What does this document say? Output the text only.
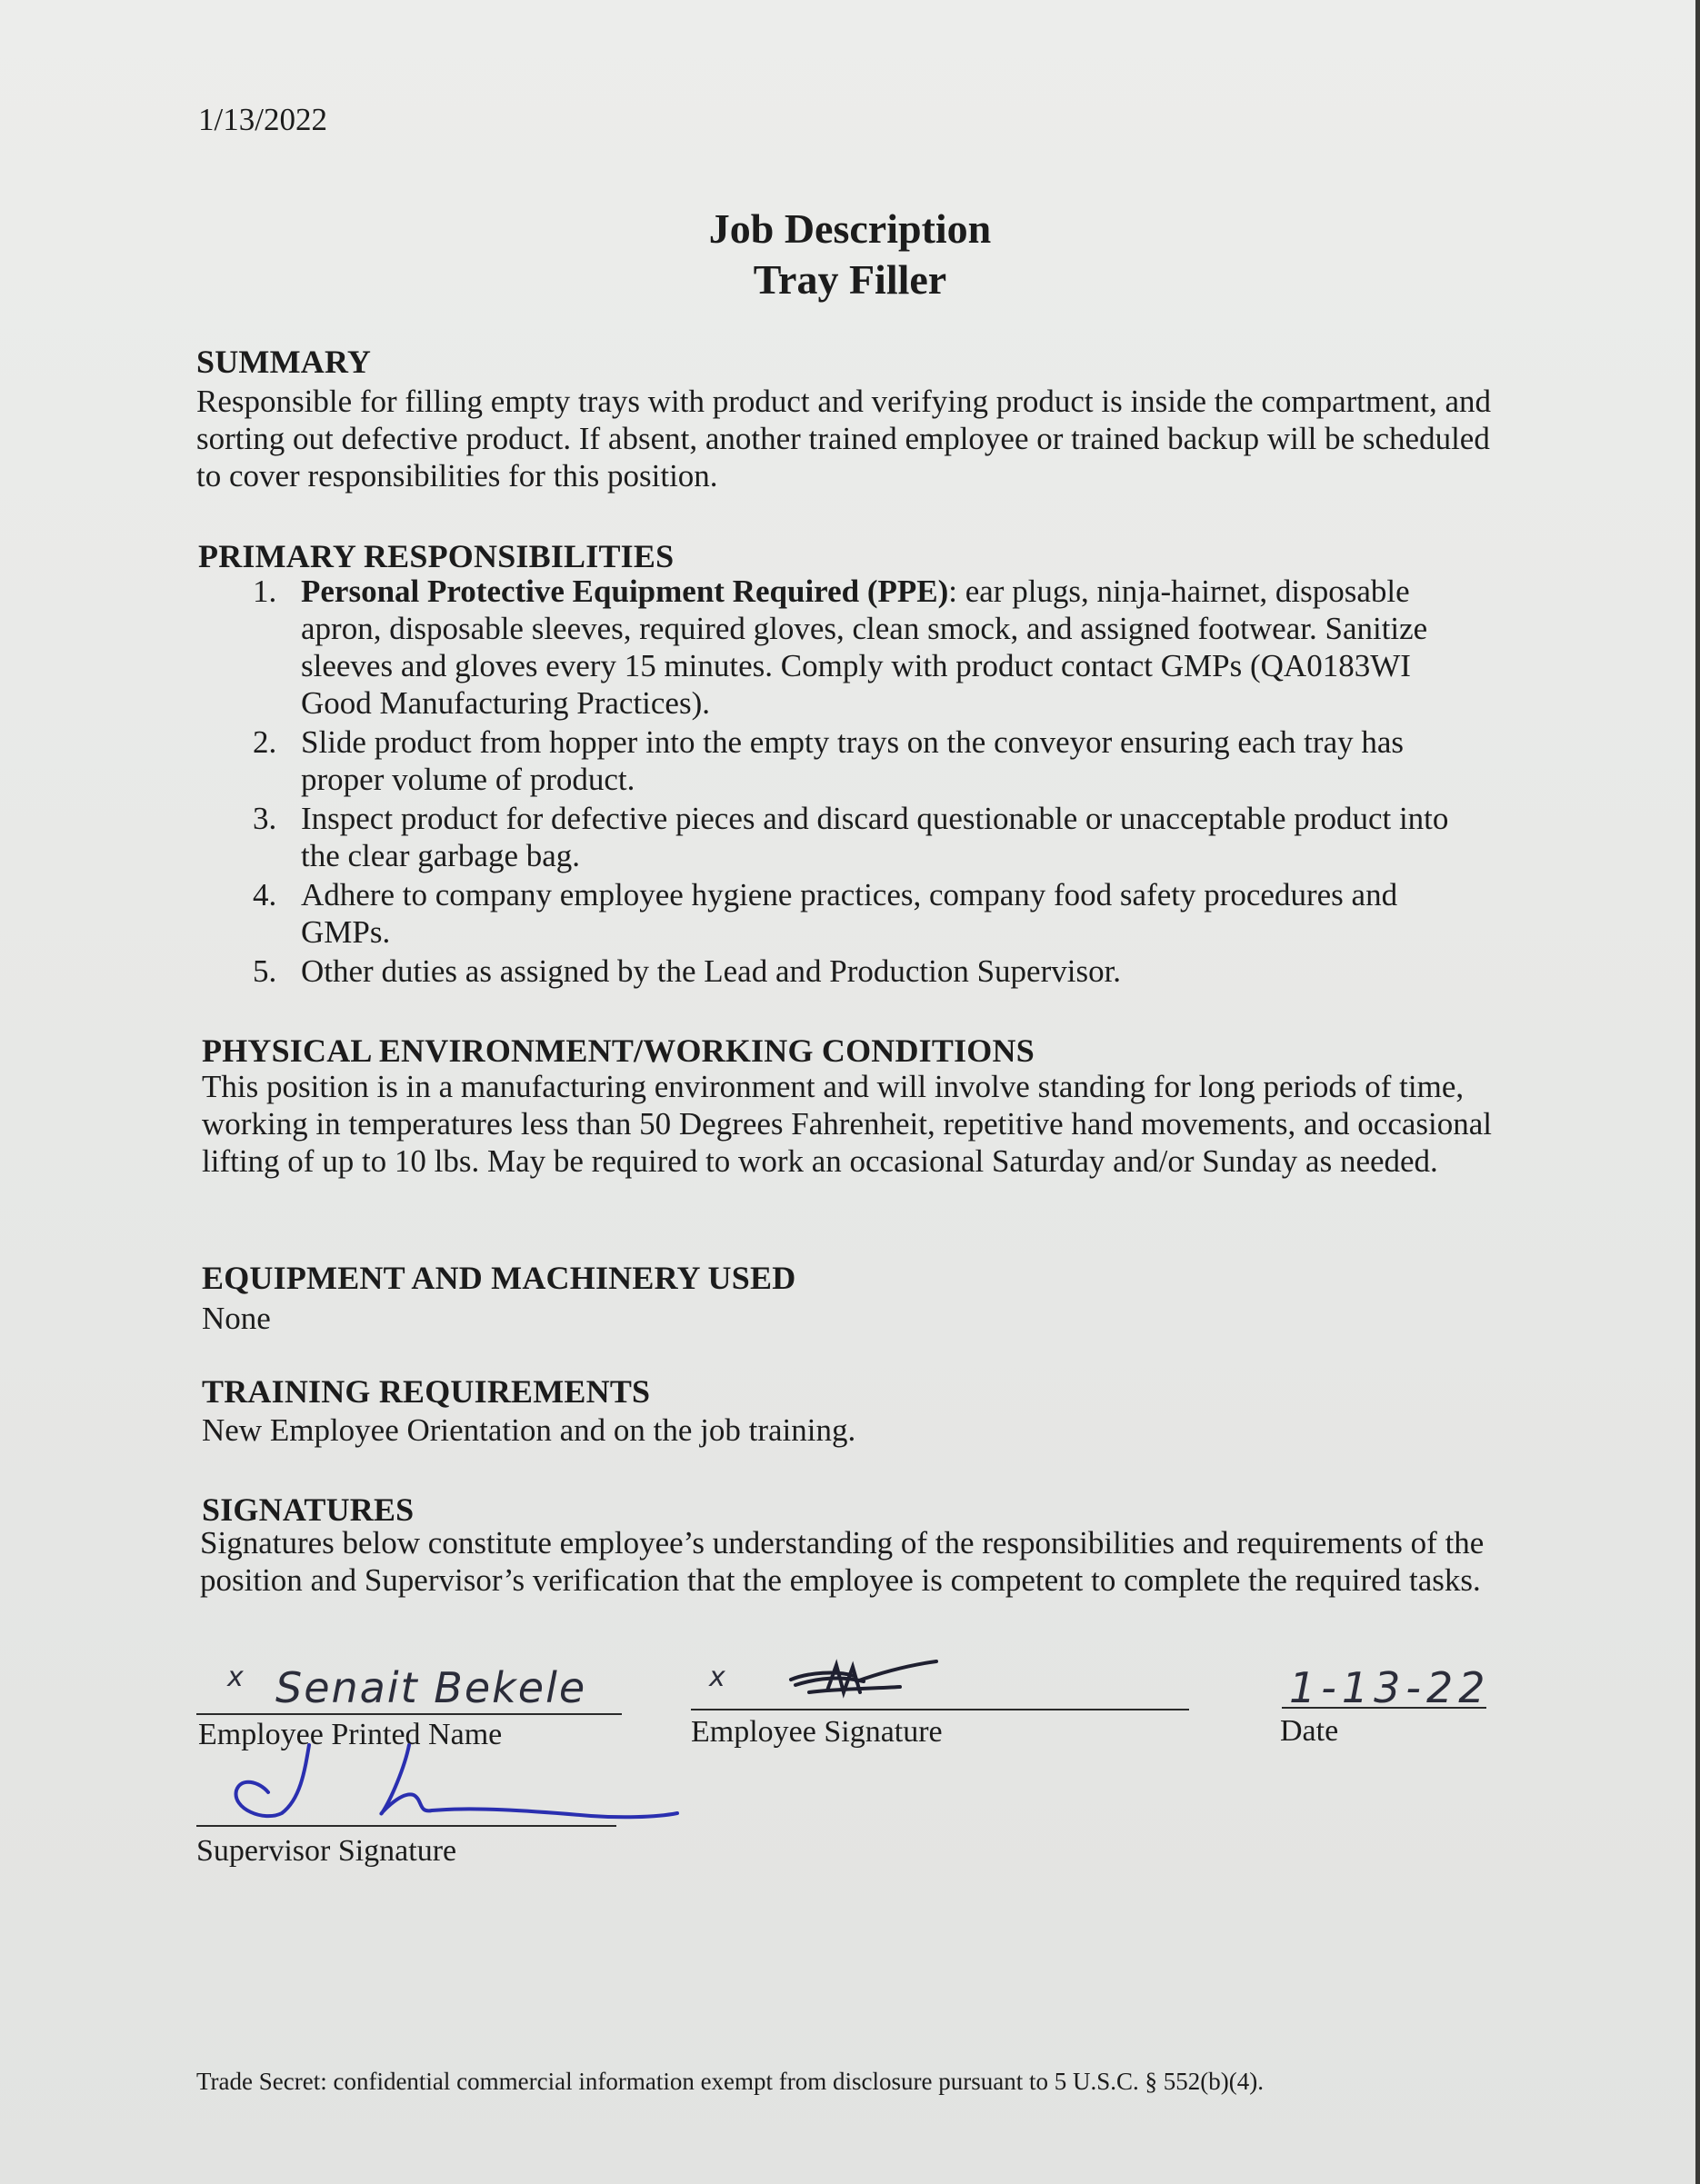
1/13/2022
Job Description
Tray Filler
SUMMARY
Responsible for filling empty trays with product and verifying product is inside the compartment, and sorting out defective product. If absent, another trained employee or trained backup will be scheduled to cover responsibilities for this position.
PRIMARY RESPONSIBILITIES
1. Personal Protective Equipment Required (PPE): ear plugs, ninja-hairnet, disposable apron, disposable sleeves, required gloves, clean smock, and assigned footwear. Sanitize sleeves and gloves every 15 minutes. Comply with product contact GMPs (QA0183WI Good Manufacturing Practices).
2. Slide product from hopper into the empty trays on the conveyor ensuring each tray has proper volume of product.
3. Inspect product for defective pieces and discard questionable or unacceptable product into the clear garbage bag.
4. Adhere to company employee hygiene practices, company food safety procedures and GMPs.
5. Other duties as assigned by the Lead and Production Supervisor.
PHYSICAL ENVIRONMENT/WORKING CONDITIONS
This position is in a manufacturing environment and will involve standing for long periods of time, working in temperatures less than 50 Degrees Fahrenheit, repetitive hand movements, and occasional lifting of up to 10 lbs. May be required to work an occasional Saturday and/or Sunday as needed.
EQUIPMENT AND MACHINERY USED
None
TRAINING REQUIREMENTS
New Employee Orientation and on the job training.
SIGNATURES
Signatures below constitute employee’s understanding of the responsibilities and requirements of the position and Supervisor’s verification that the employee is competent to complete the required tasks.
x Senait Bekele
Employee Printed Name
x
Employee Signature
1-13-22
Date
Supervisor Signature
Trade Secret: confidential commercial information exempt from disclosure pursuant to 5 U.S.C. § 552(b)(4).
